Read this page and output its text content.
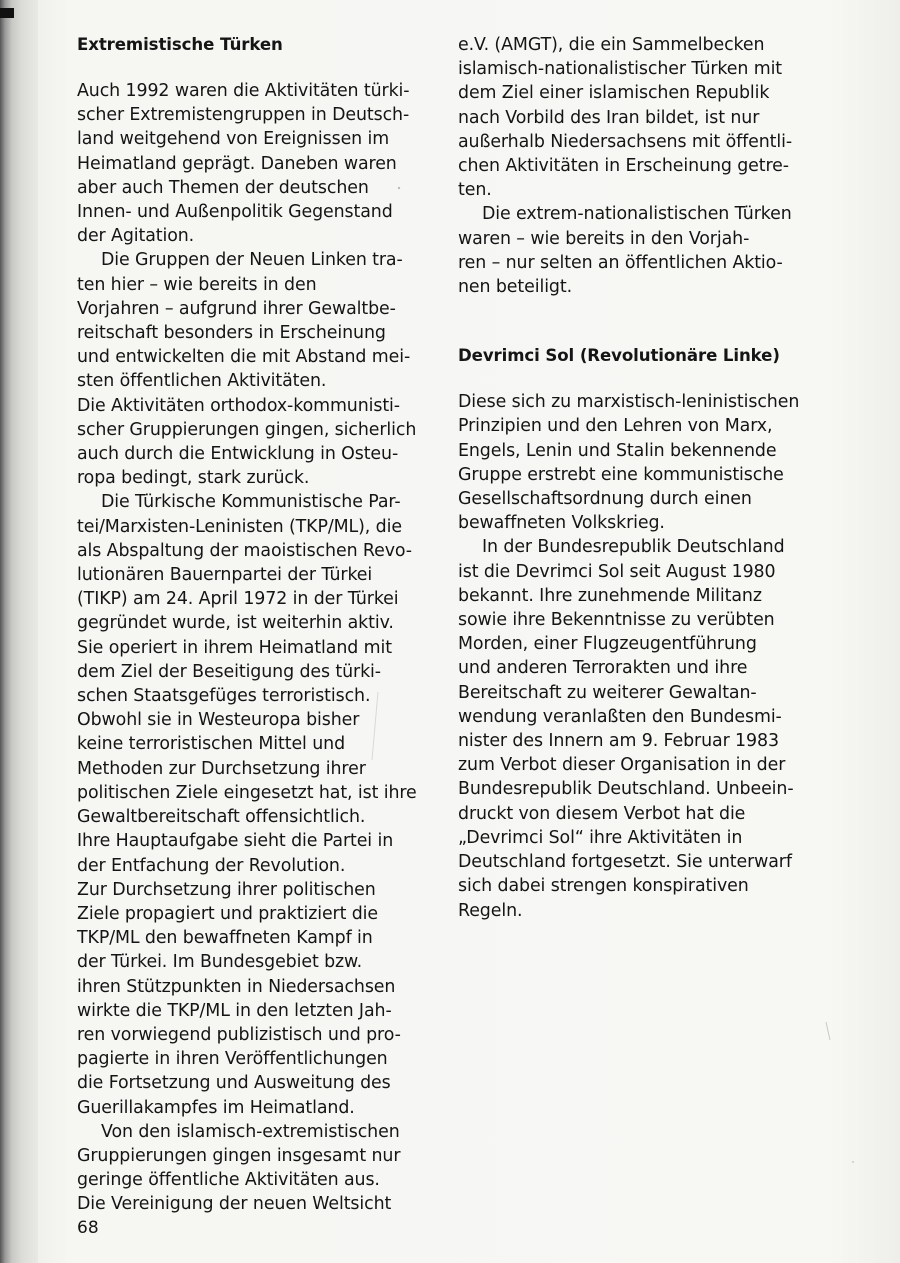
Extremistische Türken
Auch 1992 waren die Aktivitäten türki-
scher Extremistengruppen in Deutsch-
land weitgehend von Ereignissen im
Heimatland geprägt. Daneben waren
aber auch Themen der deutschen
Innen- und Außenpolitik Gegenstand
der Agitation.
Die Gruppen der Neuen Linken tra-
ten hier – wie bereits in den
Vorjahren – aufgrund ihrer Gewaltbe-
reitschaft besonders in Erscheinung
und entwickelten die mit Abstand mei-
sten öffentlichen Aktivitäten.
Die Aktivitäten orthodox-kommunisti-
scher Gruppierungen gingen, sicherlich
auch durch die Entwicklung in Osteu-
ropa bedingt, stark zurück.
Die Türkische Kommunistische Par-
tei/Marxisten-Leninisten (TKP/ML), die
als Abspaltung der maoistischen Revo-
lutionären Bauernpartei der Türkei
(TIKP) am 24. April 1972 in der Türkei
gegründet wurde, ist weiterhin aktiv.
Sie operiert in ihrem Heimatland mit
dem Ziel der Beseitigung des türki-
schen Staatsgefüges terroristisch.
Obwohl sie in Westeuropa bisher
keine terroristischen Mittel und
Methoden zur Durchsetzung ihrer
politischen Ziele eingesetzt hat, ist ihre
Gewaltbereitschaft offensichtlich.
Ihre Hauptaufgabe sieht die Partei in
der Entfachung der Revolution.
Zur Durchsetzung ihrer politischen
Ziele propagiert und praktiziert die
TKP/ML den bewaffneten Kampf in
der Türkei. Im Bundesgebiet bzw.
ihren Stützpunkten in Niedersachsen
wirkte die TKP/ML in den letzten Jah-
ren vorwiegend publizistisch und pro-
pagierte in ihren Veröffentlichungen
die Fortsetzung und Ausweitung des
Guerillakampfes im Heimatland.
Von den islamisch-extremistischen
Gruppierungen gingen insgesamt nur
geringe öffentliche Aktivitäten aus.
Die Vereinigung der neuen Weltsicht
e.V. (AMGT), die ein Sammelbecken
islamisch-nationalistischer Türken mit
dem Ziel einer islamischen Republik
nach Vorbild des Iran bildet, ist nur
außerhalb Niedersachsens mit öffentli-
chen Aktivitäten in Erscheinung getre-
ten.
Die extrem-nationalistischen Türken
waren – wie bereits in den Vorjah-
ren – nur selten an öffentlichen Aktio-
nen beteiligt.
Devrimci Sol (Revolutionäre Linke)
Diese sich zu marxistisch-leninistischen
Prinzipien und den Lehren von Marx,
Engels, Lenin und Stalin bekennende
Gruppe erstrebt eine kommunistische
Gesellschaftsordnung durch einen
bewaffneten Volkskrieg.
In der Bundesrepublik Deutschland
ist die Devrimci Sol seit August 1980
bekannt. Ihre zunehmende Militanz
sowie ihre Bekenntnisse zu verübten
Morden, einer Flugzeugentführung
und anderen Terrorakten und ihre
Bereitschaft zu weiterer Gewaltan-
wendung veranlaßten den Bundesmi-
nister des Innern am 9. Februar 1983
zum Verbot dieser Organisation in der
Bundesrepublik Deutschland. Unbeein-
druckt von diesem Verbot hat die
„Devrimci Sol“ ihre Aktivitäten in
Deutschland fortgesetzt. Sie unterwarf
sich dabei strengen konspirativen
Regeln.
68
